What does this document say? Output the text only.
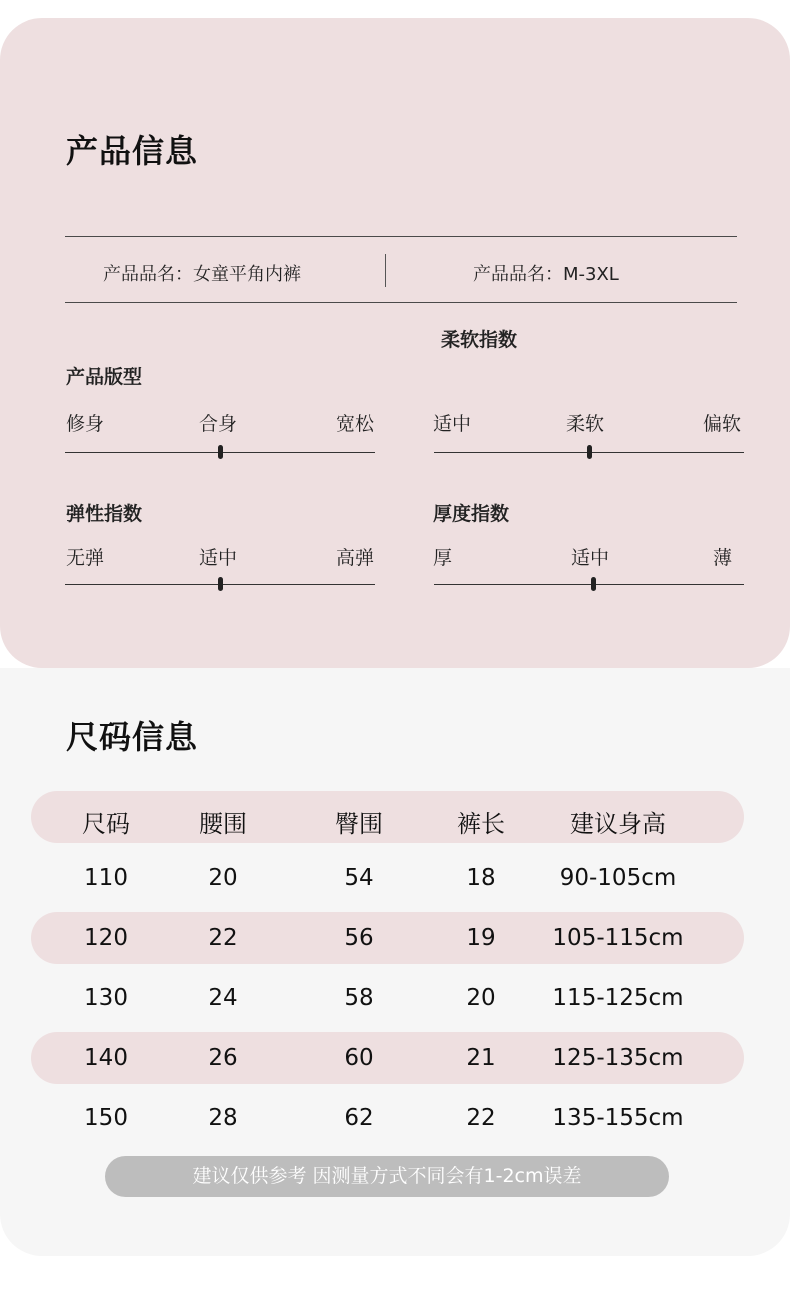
产品信息
产品品名：女童平角内裤	产品品名：M-3XL
产品版型
修身	合身	宽松
柔软指数
适中	柔软	偏软
弹性指数
无弹	适中	高弹
厚度指数
厚	适中	薄
尺码信息
尺码	腰围	臀围	裤长	建议身高
110	20	54	18	90-105cm
120	22	56	19	105-115cm
130	24	58	20	115-125cm
140	26	60	21	125-135cm
150	28	62	22	135-155cm
建议仅供参考 因测量方式不同会有1-2cm误差
